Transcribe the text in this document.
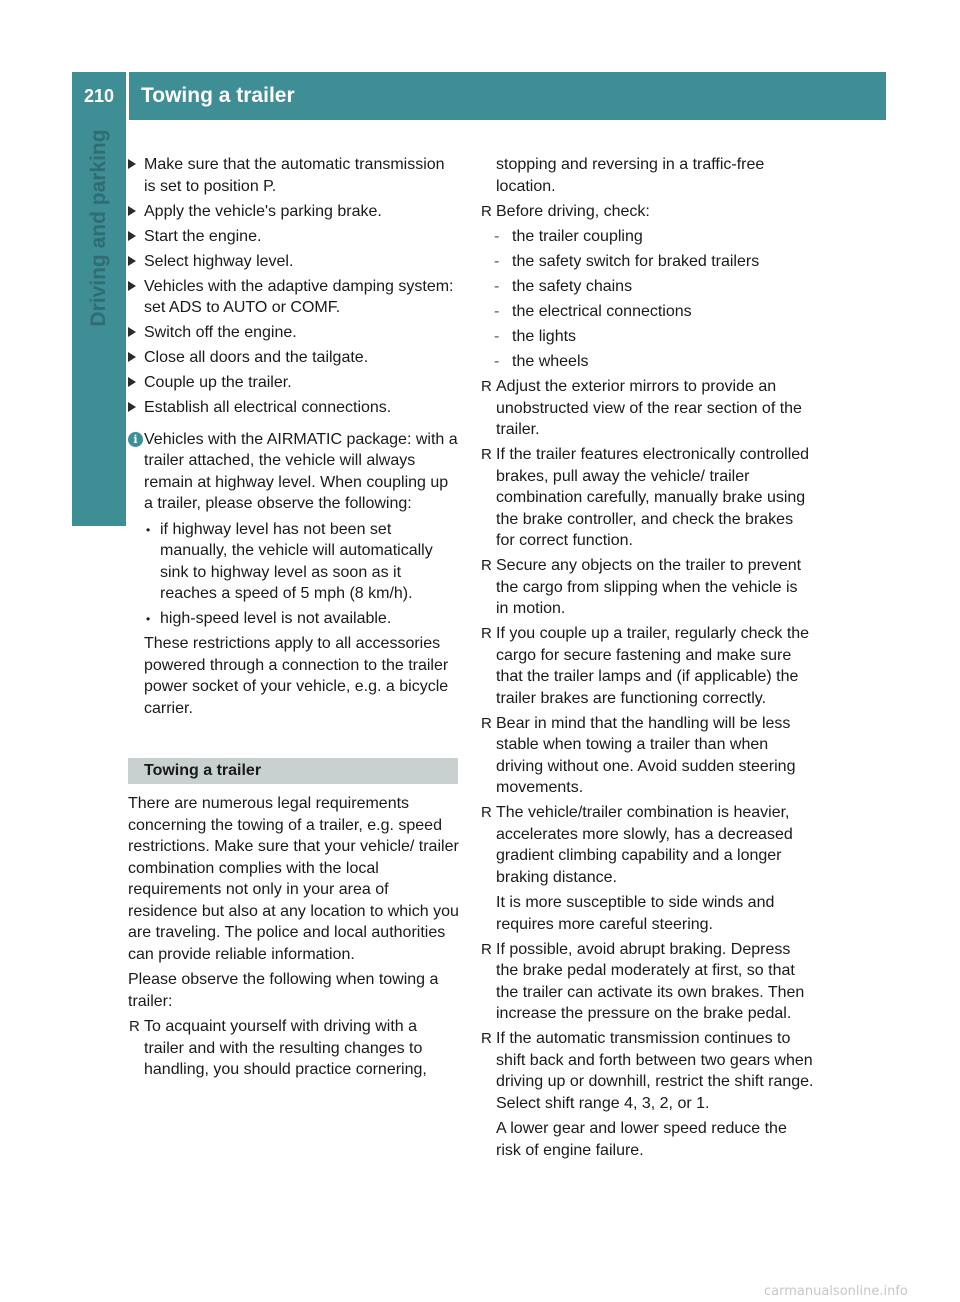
210	Towing a trailer
Driving and parking	Make sure that the automatic transmission is set to position P.
Apply the vehicle's parking brake.
Start the engine.
Select highway level.
Vehicles with the adaptive damping system: set ADS to AUTO or COMF.
Switch off the engine.
Close all doors and the tailgate.
Couple up the trailer.
Establish all electrical connections.
i Vehicles with the AIRMATIC package: with a trailer attached, the vehicle will always remain at highway level. When coupling up a trailer, please observe the following:
•
if highway level has not been set manually, the vehicle will automatically sink to highway level as soon as it reaches a speed of 5 mph (8 km/h).
•
high-speed level is not available.
These restrictions apply to all accessories powered through a connection to the trailer power socket of your vehicle, e.g. a bicycle carrier.
Towing a trailer
There are numerous legal requirements concerning the towing of a trailer, e.g. speed restrictions. Make sure that your vehicle/ trailer combination complies with the local requirements not only in your area of residence but also at any location to which you are traveling. The police and local authorities can provide reliable information.
Please observe the following when towing a trailer:
R
To acquaint yourself with driving with a trailer and with the resulting changes to handling, you should practice cornering,
stopping and reversing in a traffic-free location.
R
Before driving, check:
-
the trailer coupling
-
the safety switch for braked trailers
-
the safety chains
-
the electrical connections
-
the lights
-
the wheels
R
Adjust the exterior mirrors to provide an unobstructed view of the rear section of the trailer.
R
If the trailer features electronically controlled brakes, pull away the vehicle/ trailer combination carefully, manually brake using the brake controller, and check the brakes for correct function.
R
Secure any objects on the trailer to prevent the cargo from slipping when the vehicle is in motion.
R
If you couple up a trailer, regularly check the cargo for secure fastening and make sure that the trailer lamps and (if applicable) the trailer brakes are functioning correctly.
R
Bear in mind that the handling will be less stable when towing a trailer than when driving without one. Avoid sudden steering movements.
R
The vehicle/trailer combination is heavier, accelerates more slowly, has a decreased gradient climbing capability and a longer braking distance.
It is more susceptible to side winds and requires more careful steering.
R
If possible, avoid abrupt braking. Depress the brake pedal moderately at first, so that the trailer can activate its own brakes. Then increase the pressure on the brake pedal.
R
If the automatic transmission continues to shift back and forth between two gears when driving up or downhill, restrict the shift range. Select shift range 4, 3, 2, or 1.
A lower gear and lower speed reduce the risk of engine failure.
carmanualsonline.info
